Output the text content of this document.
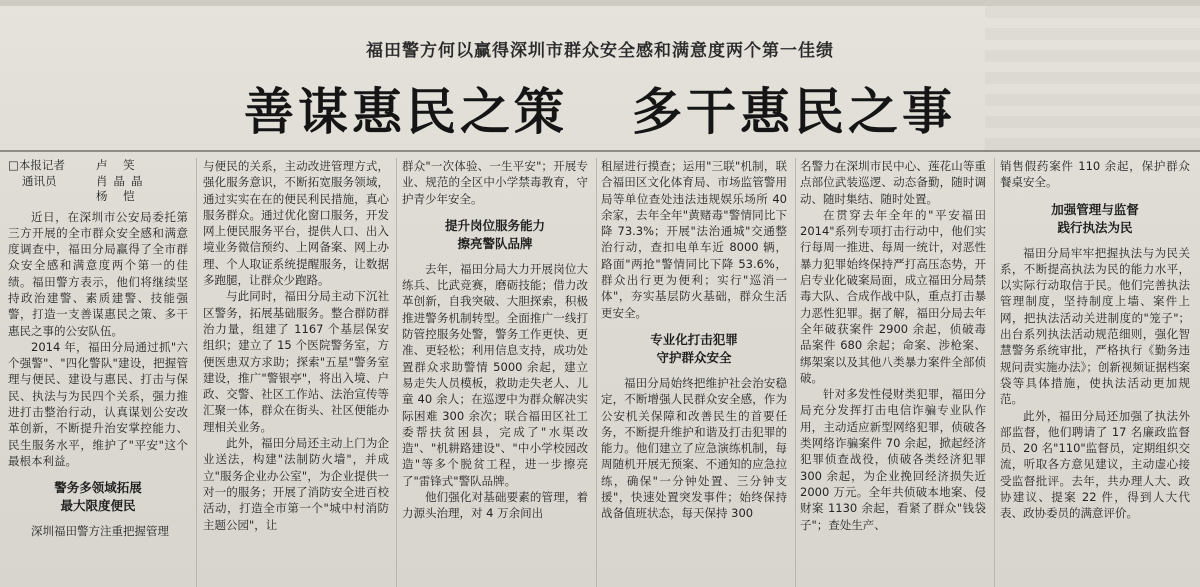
福田警方何以赢得深圳市群众安全感和满意度两个第一佳绩
善谋惠民之策 多干惠民之事
□本报记者	卢 笑
通讯员	肖晶晶
杨 恺

近日，在深圳市公安局委托第三方开展的全市群众安全感和满意度调查中，福田分局赢得了全市群众安全感和满意度两个第一的佳绩。福田警方表示，他们将继续坚持政治建警、素质建警、技能强警，打造一支善谋惠民之策、多干惠民之事的公安队伍。

2014 年，福田分局通过抓"六个强警"、"四化警队"建设，把握管理与便民、建设与惠民、打击与保民、执法与为民四个关系，强力推进打击整治行动，认真谋划公安改革创新，不断提升治安掌控能力、民生服务水平，维护了"平安"这个最根本利益。

警务多领域拓展
最大限度便民

深圳福田警方注重把握管理

与便民的关系，主动改进管理方式，强化服务意识，不断拓宽服务领域，通过实实在在的便民利民措施，真心服务群众。通过优化窗口服务，开发网上便民服务平台，提供人口、出入境业务微信预约、上网备案、网上办理、个人取证系统提醒服务，让数据多跑腿，让群众少跑路。

与此同时，福田分局主动下沉社区警务，拓展基础服务。整合群防群治力量，组建了 1167 个基层保安组织；建立了 15 个医院警务室，方便医患双方求助；探索"五星"警务室建设，推广"警银亭"，将出入境、户政、交警、社区工作站、法治宣传等汇聚一体，群众在街头、社区便能办理相关业务。

此外，福田分局还主动上门为企业送法，构建"法制防火墙"，并成立"服务企业办公室"，为企业提供一对一的服务；开展了消防安全进百校活动，打造全市第一个"城中村消防主题公园"，让

群众"一次体验、一生平安"；开展专业、规范的全区中小学禁毒教育，守护青少年安全。

提升岗位服务能力
擦亮警队品牌

去年，福田分局大力开展岗位大练兵、比武竞赛，磨砺技能；借力改革创新，自我突破、大胆探索，积极推进警务机制转型。全面推广一线打防管控服务处警，警务工作更快、更准、更轻松；利用信息支持，成功处置群众求助警情 5000 余起，建立易走失人员模板，救助走失老人、儿童 40 余人；在巡逻中为群众解决实际困难 300 余次；联合福田区社工委帮扶贫困县，完成了"水渠改造"、"机耕路建设"、"中小学校园改造"等多个脱贫工程，进一步擦亮了"雷锋式"警队品牌。

他们强化对基础要素的管理，着力源头治理，对 4 万余间出

租屋进行摸查；运用"三联"机制，联合福田区文化体育局、市场监管警用局等单位查处违法违规娱乐场所 40 余家，去年全年"黄赌毒"警情同比下降 73.3%；开展"法治通城"交通整治行动，查扣电单车近 8000 辆，路面"两抢"警情同比下降 53.6%，群众出行更为便利；实行"巡消一体"，夯实基层防火基础，群众生活更安全。

专业化打击犯罪
守护群众安全

福田分局始终把维护社会治安稳定，不断增强人民群众安全感，作为公安机关保障和改善民生的首要任务，不断提升维护和谐及打击犯罪的能力。他们建立了应急演练机制，每周随机开展无预案、不通知的应急拉练，确保"一分钟处置、三分钟支援"，快速处置突发事件；始终保持战备值班状态，每天保持 300

名警力在深圳市民中心、莲花山等重点部位武装巡逻、动态备勤，随时调动、随时集结、随时处置。

在贯穿去年全年的"平安福田 2014"系列专项打击行动中，他们实行每周一推进、每周一统计，对恶性暴力犯罪始终保持严打高压态势，开启专业化破案局面，成立福田分局禁毒大队、合成作战中队，重点打击暴力恶性犯罪。据了解，福田分局去年全年破获案件 2900 余起，侦破毒品案件 680 余起；命案、涉枪案、绑架案以及其他八类暴力案件全部侦破。

针对多发性侵财类犯罪，福田分局充分发挥打击电信诈骗专业队作用，主动适应新型网络犯罪，侦破各类网络诈骗案件 70 余起，掀起经济犯罪侦查战役，侦破各类经济犯罪 300 余起，为企业挽回经济损失近 2000 万元。全年共侦破本地案、侵财案 1130 余起，看紧了群众"钱袋子"；查处生产、

销售假药案件 110 余起，保护群众餐桌安全。

加强管理与监督
践行执法为民

福田分局牢牢把握执法与为民关系，不断提高执法为民的能力水平，以实际行动取信于民。他们完善执法管理制度，坚持制度上墙、案件上网，把执法活动关进制度的"笼子"；出台系列执法活动规范细则，强化智慧警务系统审批，严格执行《勤务违规问责实施办法》；创新视频证据档案袋等具体措施，使执法活动更加规范。

此外，福田分局还加强了执法外部监督，他们聘请了 17 名廉政监督员、20 名"110"监督员，定期组织交流，听取各方意见建议，主动虚心接受监督批评。去年，共办理人大、政协建议、提案 22 件，得到人大代表、政协委员的满意评价。
